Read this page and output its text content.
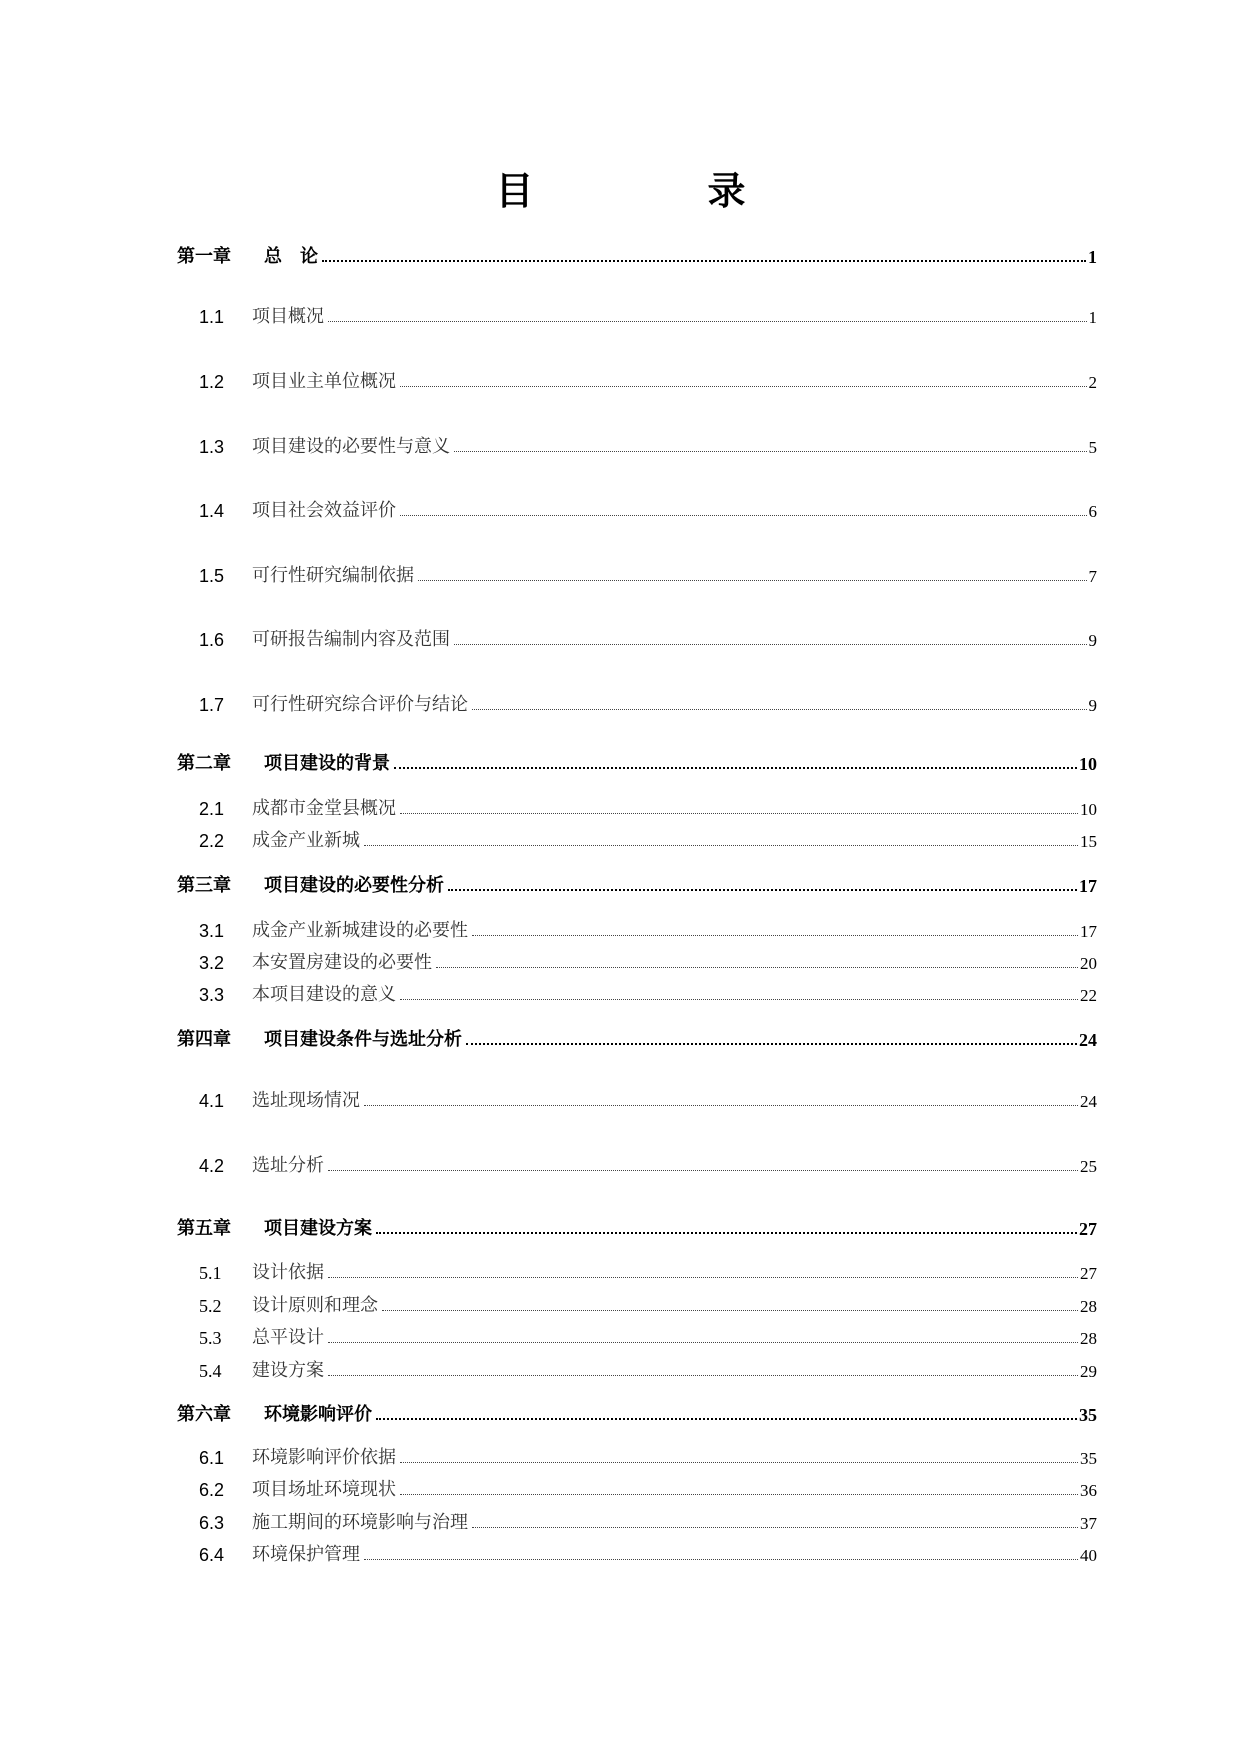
目　录
第一章	总　论	1
1.1	项目概况	1
1.2	项目业主单位概况	2
1.3	项目建设的必要性与意义	5
1.4	项目社会效益评价	6
1.5	可行性研究编制依据	7
1.6	可研报告编制内容及范围	9
1.7	可行性研究综合评价与结论	9
第二章	项目建设的背景	10
2.1	成都市金堂县概况	10
2.2	成金产业新城	15
第三章	项目建设的必要性分析	17
3.1	成金产业新城建设的必要性	17
3.2	本安置房建设的必要性	20
3.3	本项目建设的意义	22
第四章	项目建设条件与选址分析	24
4.1	选址现场情况	24
4.2	选址分析	25
第五章	项目建设方案	27
5.1	设计依据	27
5.2	设计原则和理念	28
5.3	总平设计	28
5.4	建设方案	29
第六章	环境影响评价	35
6.1	环境影响评价依据	35
6.2	项目场址环境现状	36
6.3	施工期间的环境影响与治理	37
6.4	环境保护管理	40
